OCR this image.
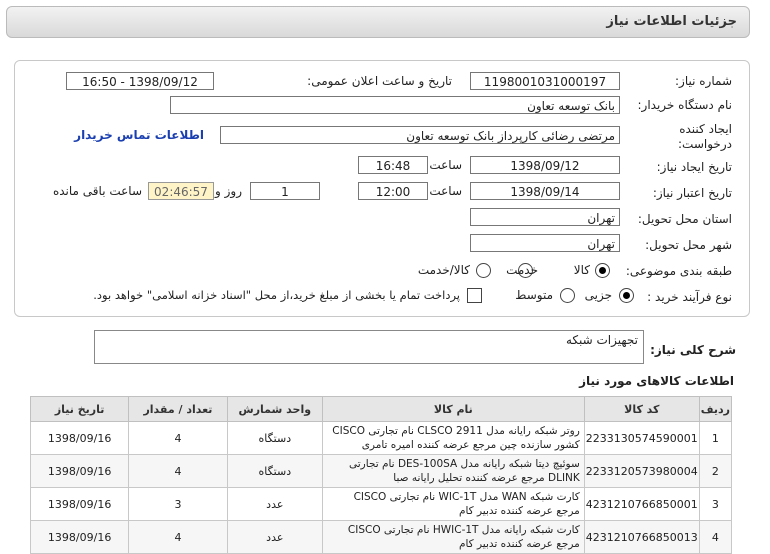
جزئیات اطلاعات نیاز
شماره نیاز:
1198001031000197
تاریخ و ساعت اعلان عمومی:
1398/09/12 - 16:50
نام دستگاه خریدار:
بانک توسعه تعاون
ایجاد کننده درخواست:
مرتضی رضائی کارپرداز بانک توسعه تعاون
اطلاعات تماس خریدار
تاریخ ایجاد نیاز:
1398/09/12
ساعت
16:48
تاریخ اعتبار نیاز:
1398/09/14
ساعت
12:00
1
روز و
02:46:57
ساعت باقی مانده
استان محل تحویل:
تهران
شهر محل تحویل:
تهران
طبقه بندی موضوعی:
کالا
خدمت
کالا/خدمت
نوع فرآیند خرید :
جزیی
متوسط
پرداخت تمام یا بخشی از مبلغ خرید،از محل "اسناد خزانه اسلامی" خواهد بود.
شرح کلی نیاز:
تجهیزات شبکه
اطلاعات کالاهای مورد نیاز
ردیف	کد کالا	نام کالا	واحد شمارش	تعداد / مقدار	تاریخ نیاز
1	2233130574590001	روتر شبکه رایانه مدل CLSCO 2911 نام تجارتی CISCO کشور سازنده چین مرجع عرضه کننده امیره تامری	دستگاه	4	1398/09/16
2	2233120573980004	سوئیچ دیتا شبکه رایانه مدل DES-100SA نام تجارتی DLINK مرجع عرضه کننده تحلیل رایانه صبا	دستگاه	4	1398/09/16
3	4231210766850001	کارت شبکه WAN مدل WIC-1T نام تجارتی CISCO مرجع عرضه کننده تدبیر کام	عدد	3	1398/09/16
4	4231210766850013	کارت شبکه رایانه مدل HWIC-1T نام تجارتی CISCO مرجع عرضه کننده تدبیر کام	عدد	4	1398/09/16
